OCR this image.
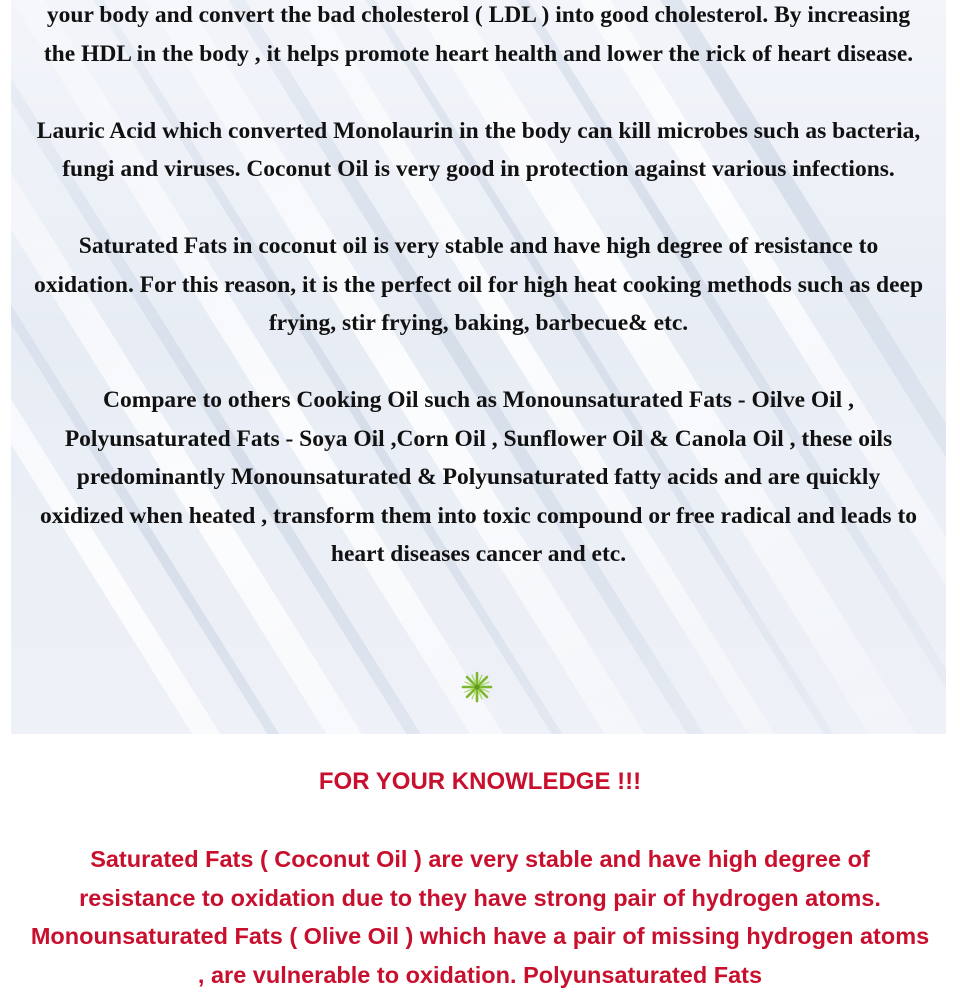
your body and convert the bad cholesterol ( LDL ) into good cholesterol. By increasing the HDL in the body , it helps promote heart health and lower the rick of heart disease.

Lauric Acid which converted Monolaurin in the body can kill microbes such as bacteria, fungi and viruses. Coconut Oil is very good in protection against various infections.

Saturated Fats in coconut oil is very stable and have high degree of resistance to oxidation. For this reason, it is the perfect oil for high heat cooking methods such as deep frying, stir frying, baking, barbecue& etc.

Compare to others Cooking Oil such as Monounsaturated Fats - Oilve Oil , Polyunsaturated Fats - Soya Oil ,Corn Oil , Sunflower Oil & Canola Oil , these oils predominantly Monounsaturated & Polyunsaturated fatty acids and are quickly oxidized when heated , transform them into toxic compound or free radical and leads to heart diseases cancer and etc.

FOR YOUR KNOWLEDGE !!!

Saturated Fats ( Coconut Oil ) are very stable and have high degree of resistance to oxidation due to they have strong pair of hydrogen atoms. Monounsaturated Fats ( Olive Oil ) which have a pair of missing hydrogen atoms , are vulnerable to oxidation. Polyunsaturated Fats
